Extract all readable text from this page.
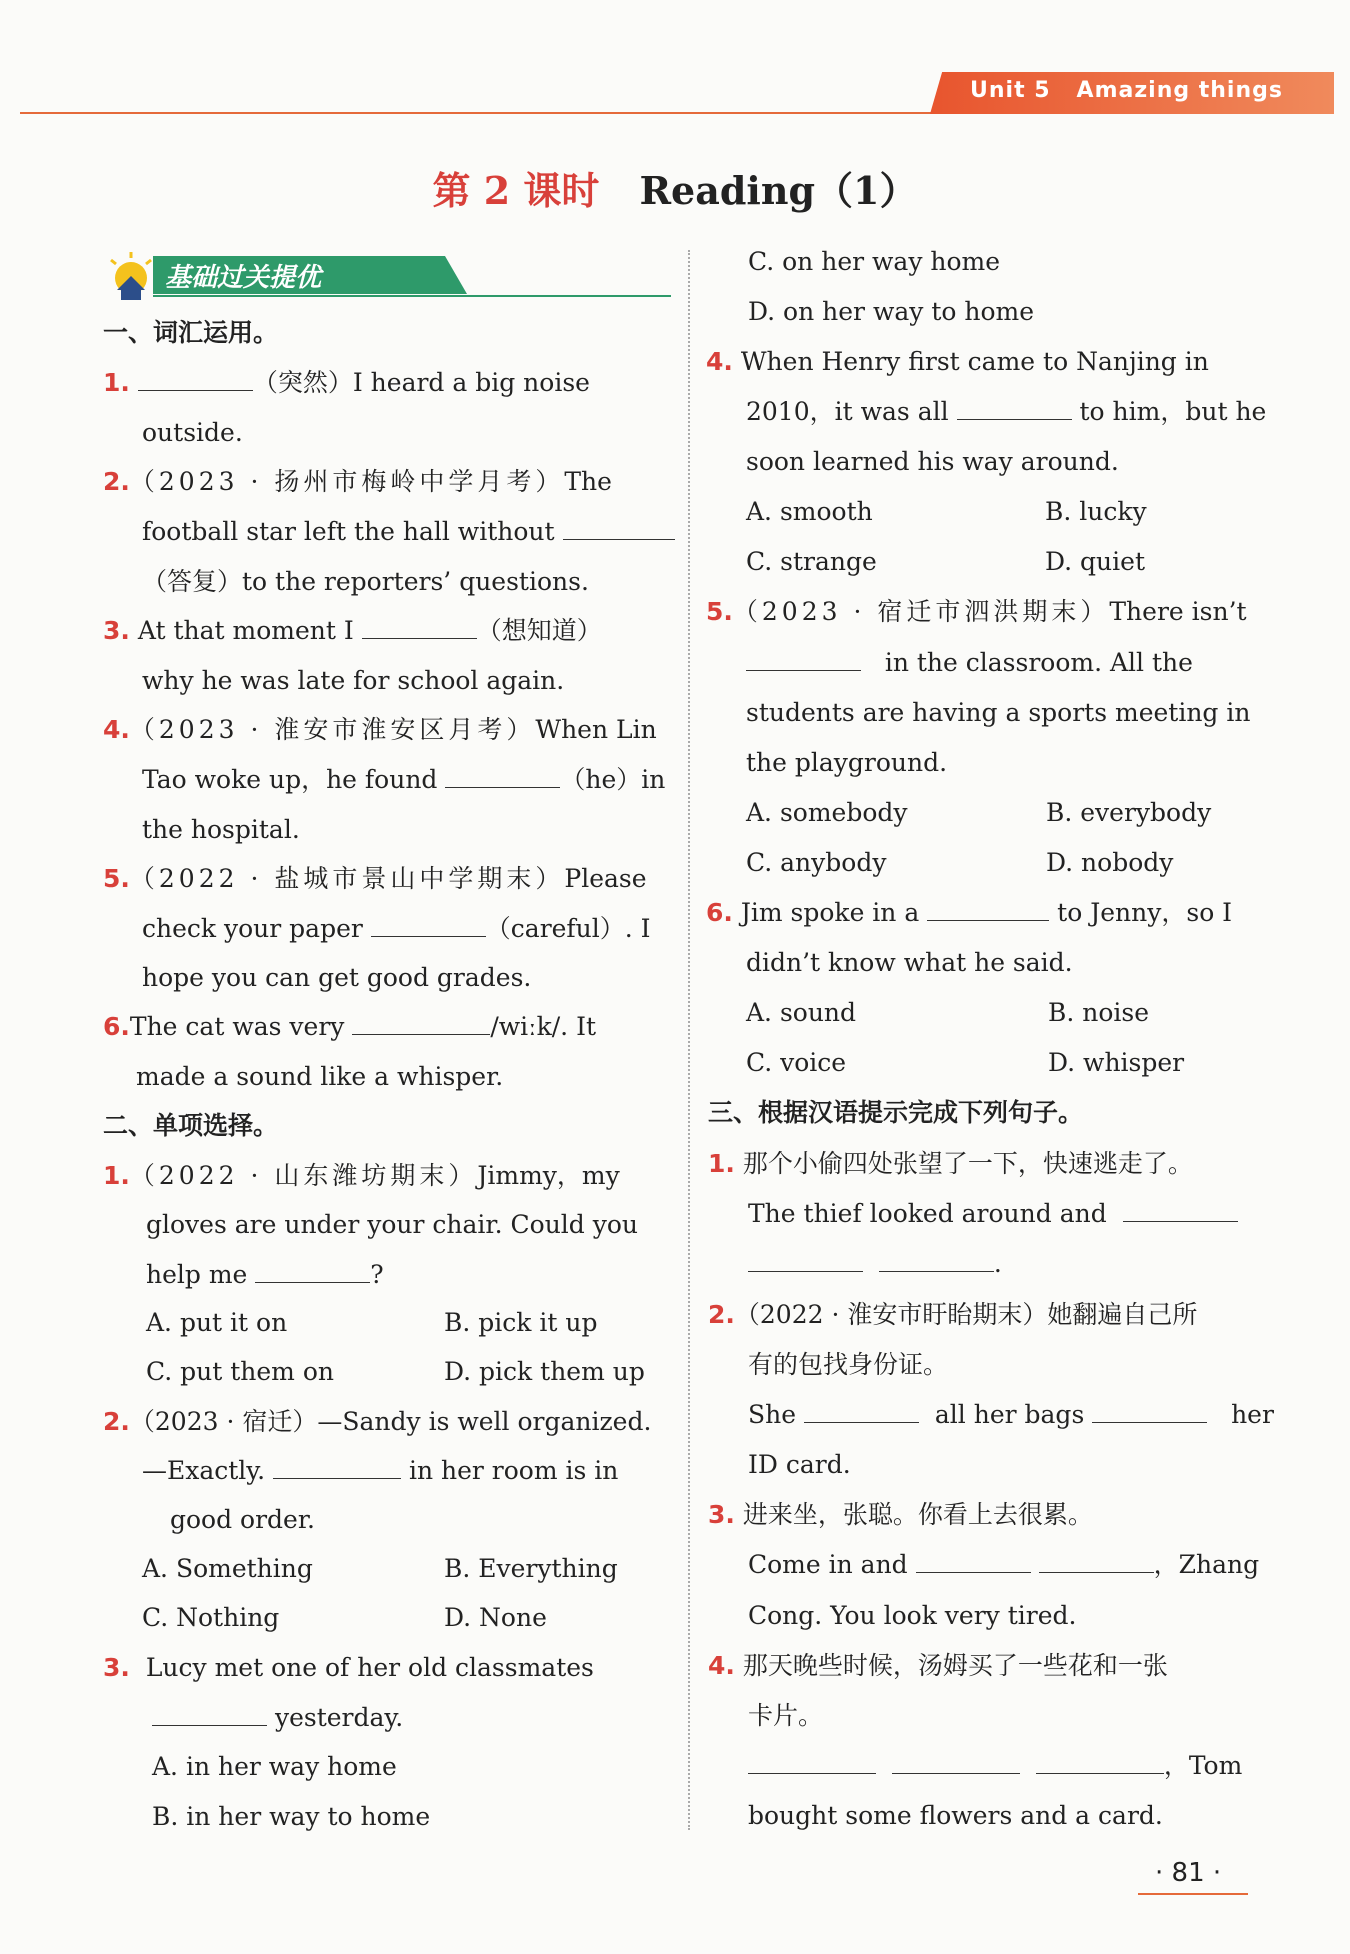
Unit 5 Amazing things
第 2 课时 Reading（1）
基础过关提优
一、词汇运用。
1.	（突然）I heard a big noise
outside.
2.（2023 · 扬州市梅岭中学月考）The
football star left the hall without
（答复）to the reporters’ questions.
3. At that moment I	（想知道）
why he was late for school again.
4.（2023 · 淮安市淮安区月考）When Lin
Tao woke up，he found	（he）in
the hospital.
5.（2022 · 盐城市景山中学期末）Please
check your paper	（careful）. I
hope you can get good grades.
6.The cat was very	/wiːk/. It
made a sound like a whisper.
二、单项选择。
1.（2022 · 山东潍坊期末）Jimmy，my
gloves are under your chair. Could you
help me	?
A. put it on	B. pick it up
C. put them on	D. pick them up
2.（2023 · 宿迁）—Sandy is well organized.
—Exactly.	in her room is in
good order.
A. Something	B. Everything
C. Nothing	D. None
3. Lucy met one of her old classmates
yesterday.
A. in her way home
B. in her way to home
C. on her way home
D. on her way to home
4. When Henry first came to Nanjing in
2010，it was all	to him，but he
soon learned his way around.
A. smooth	B. lucky
C. strange	D. quiet
5.（2023 · 宿迁市泗洪期末）There isn’t
in the classroom. All the
students are having a sports meeting in
the playground.
A. somebody	B. everybody
C. anybody	D. nobody
6. Jim spoke in a	to Jenny，so I
didn’t know what he said.
A. sound	B. noise
C. voice	D. whisper
三、根据汉语提示完成下列句子。
1. 那个小偷四处张望了一下，快速逃走了。
The thief looked around and
.
2.（2022 · 淮安市盱眙期末）她翻遍自己所
有的包找身份证。
She	all her bags	her
ID card.
3. 进来坐，张聪。你看上去很累。
Come in and	，Zhang
Cong. You look very tired.
4. 那天晚些时候，汤姆买了一些花和一张
卡片。
，Tom
bought some flowers and a card.
· 81 ·
